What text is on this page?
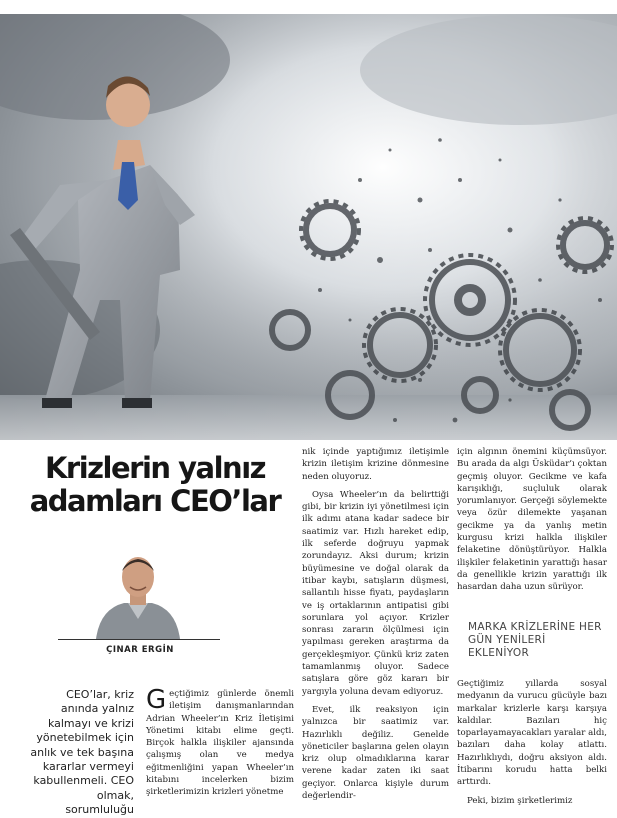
Krizlerin yalnız
adamları CEO’lar
ÇINAR ERGİN
CEO’lar, kriz anında yalnız kalmayı ve krizi yönetebilmek için anlık ve tek başına kararlar vermeyi kabullenmeli. CEO olmak, sorumluluğu

Geçtiğimiz günlerde önemli iletişim danışmanlarından Adrian Wheeler’ın Kriz İletişimi Yönetimi kitabı elime geçti. Birçok halkla ilişkiler ajansında çalışmış olan ve medya eğitmenliğini yapan Wheeler’ın kitabını incelerken bizim şirketlerimizin krizleri yönetme

nik içinde yaptığımız iletişimle krizin iletişim krizine dönmesine neden oluyoruz.

Oysa Wheeler’ın da belirttiği gibi, bir krizin iyi yönetilmesi için ilk adımı atana kadar sadece bir saatimiz var. Hızlı hareket edip, ilk seferde doğruyu yapmak zorundayız. Aksi durum; krizin büyümesine ve doğal olarak da itibar kaybı, satışların düşmesi, sallantılı hisse fiyatı, paydaşların ve iş ortaklarının antipatisi gibi sorunlara yol açıyor. Krizler sonrası zararın ölçülmesi için yapılması gereken araştırma da gerçekleşmiyor. Çünkü kriz zaten tamamlanmış oluyor. Sadece satışlara göre göz kararı bir yargıyla yoluna devam ediyoruz.

Evet, ilk reaksiyon için yalnızca bir saatimiz var. Hazırlıklı değiliz. Genelde yöneticiler başlarına gelen olayın kriz olup olmadıklarına karar verene kadar zaten iki saat geçiyor. Onlarca kişiyle durum değerlendir-

için algının önemini küçümsüyor. Bu arada da algı Üsküdar’ı çoktan geçmiş oluyor. Gecikme ve kafa karışıklığı, suçluluk olarak yorumlanıyor. Gerçeği söylemekte veya özür dilemekte yaşanan gecikme ya da yanlış metin kurgusu krizi halkla ilişkiler felaketine dönüştürüyor. Halkla ilişkiler felaketinin yarattığı hasar da genellikle krizin yarattığı ilk hasardan daha uzun sürüyor.

MARKA KRİZLERİNE HER GÜN YENİLERİ EKLENİYOR

Geçtiğimiz yıllarda sosyal medyanın da vurucu gücüyle bazı markalar krizlerle karşı karşıya kaldılar. Bazıları hiç toparlayamayacakları yaralar aldı, bazıları daha kolay atlattı. Hazırlıklıydı, doğru aksiyon aldı. İtibarını korudu hatta belki arttırdı.

Peki, bizim şirketlerimiz
